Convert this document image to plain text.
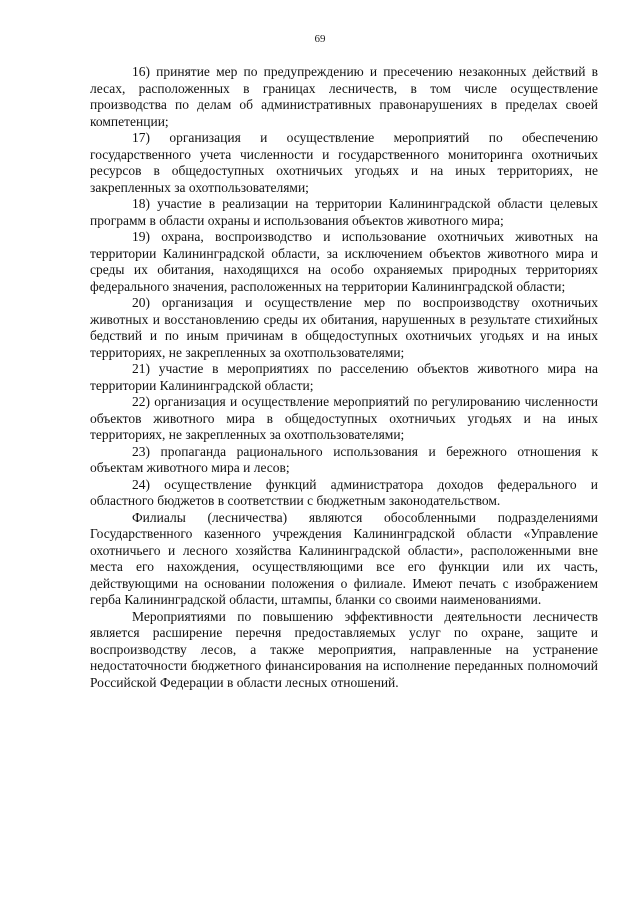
69

16) принятие мер по предупреждению и пресечению незаконных действий в лесах, расположенных в границах лесничеств, в том числе осуществление производства по делам об административных правонарушениях в пределах своей компетенции;

17) организация и осуществление мероприятий по обеспечению государственного учета численности и государственного мониторинга охотничьих ресурсов в общедоступных охотничьих угодьях и на иных территориях, не закрепленных за охотпользователями;

18) участие в реализации на территории Калининградской области целевых программ в области охраны и использования объектов животного мира;

19) охрана, воспроизводство и использование охотничьих животных на территории Калининградской области, за исключением объектов животного мира и среды их обитания, находящихся на особо охраняемых природных территориях федерального значения, расположенных на территории Калининградской области;

20) организация и осуществление мер по воспроизводству охотничьих животных и восстановлению среды их обитания, нарушенных в результате стихийных бедствий и по иным причинам в общедоступных охотничьих угодьях и на иных территориях, не закрепленных за охотпользователями;

21) участие в мероприятиях по расселению объектов животного мира на территории Калининградской области;

22) организация и осуществление мероприятий по регулированию численности объектов животного мира в общедоступных охотничьих угодьях и на иных территориях, не закрепленных за охотпользователями;

23) пропаганда рационального использования и бережного отношения к объектам животного мира и лесов;

24) осуществление функций администратора доходов федерального и областного бюджетов в соответствии с бюджетным законодательством.

Филиалы (лесничества) являются обособленными подразделениями Государственного казенного учреждения Калининградской области «Управление охотничьего и лесного хозяйства Калининградской области», расположенными вне места его нахождения, осуществляющими все его функции или их часть, действующими на основании положения о филиале. Имеют печать с изображением герба Калининградской области, штампы, бланки со своими наименованиями.

Мероприятиями по повышению эффективности деятельности лесничеств является расширение перечня предоставляемых услуг по охране, защите и воспроизводству лесов, а также мероприятия, направленные на устранение недостаточности бюджетного финансирования на исполнение переданных полномочий Российской Федерации в области лесных отношений.
